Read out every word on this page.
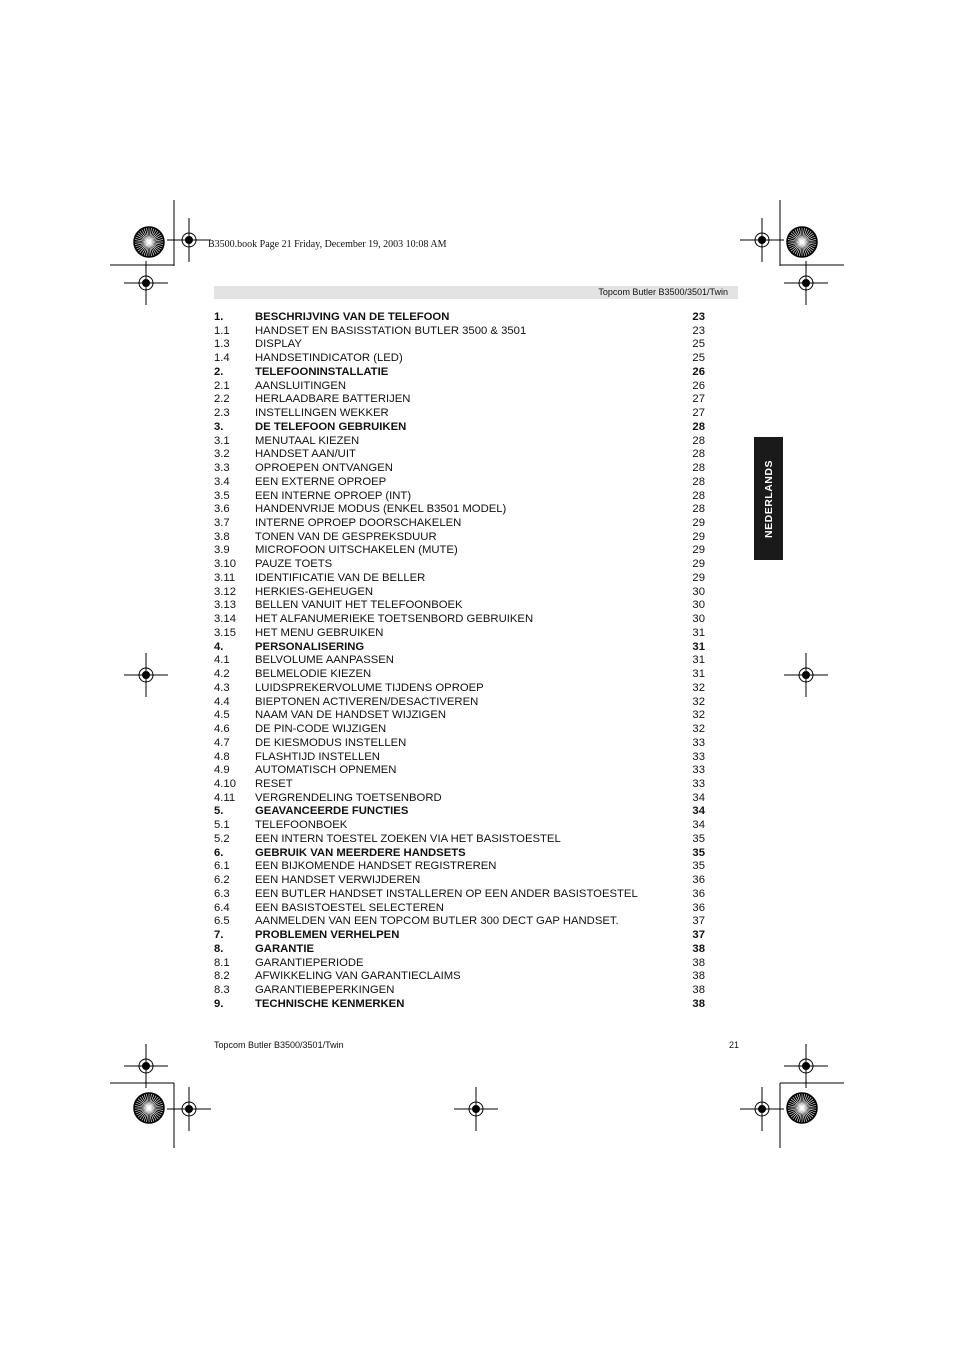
B3500.book Page 21 Friday, December 19, 2003 10:08 AM
Topcom Butler B3500/3501/Twin
1.	BESCHRIJVING VAN DE TELEFOON	23
1.1 HANDSET EN BASISSTATION BUTLER 3500 & 3501	23
1.3 DISPLAY	25
1.4 HANDSETINDICATOR (LED)	25
2.	TELEFOONINSTALLATIE	26
2.1 AANSLUITINGEN	26
2.2 HERLAADBARE BATTERIJEN	27
2.3 INSTELLINGEN WEKKER	27
3.	DE TELEFOON GEBRUIKEN	28
3.1 MENUTAAL KIEZEN	28
3.2 HANDSET AAN/UIT	28
3.3 OPROEPEN ONTVANGEN	28
3.4 EEN EXTERNE OPROEP	28
3.5 EEN INTERNE OPROEP (INT)	28
3.6 HANDENVRIJE MODUS (ENKEL B3501 MODEL)	28
3.7 INTERNE OPROEP DOORSCHAKELEN	29
3.8 TONEN VAN DE GESPREKSDUUR	29
3.9 MICROFOON UITSCHAKELEN (MUTE)	29
3.10 PAUZE TOETS	29
3.11 IDENTIFICATIE VAN DE BELLER	29
3.12 HERKIES-GEHEUGEN	30
3.13 BELLEN VANUIT HET TELEFOONBOEK	30
3.14 HET ALFANUMERIEKE TOETSENBORD GEBRUIKEN	30
3.15 HET MENU GEBRUIKEN	31
4.	PERSONALISERING	31
4.1 BELVOLUME AANPASSEN	31
4.2 BELMELODIE KIEZEN	31
4.3 LUIDSPREKERVOLUME TIJDENS OPROEP	32
4.4 BIEPTONEN ACTIVEREN/DESACTIVEREN	32
4.5 NAAM VAN DE HANDSET WIJZIGEN	32
4.6 DE PIN-CODE WIJZIGEN	32
4.7 DE KIESMODUS INSTELLEN	33
4.8 FLASHTIJD INSTELLEN	33
4.9 AUTOMATISCH OPNEMEN	33
4.10 RESET	33
4.11 VERGRENDELING TOETSENBORD	34
5.	GEAVANCEERDE FUNCTIES	34
5.1 TELEFOONBOEK	34
5.2 EEN INTERN TOESTEL ZOEKEN VIA HET BASISTOESTEL	35
6.	GEBRUIK VAN MEERDERE HANDSETS	35
6.1 EEN BIJKOMENDE HANDSET REGISTREREN	35
6.2 EEN HANDSET VERWIJDEREN	36
6.3 EEN BUTLER HANDSET INSTALLEREN OP EEN ANDER BASISTOESTEL	36
6.4 EEN BASISTOESTEL SELECTEREN	36
6.5 AANMELDEN VAN EEN TOPCOM BUTLER 300 DECT GAP HANDSET.	37
7.	PROBLEMEN VERHELPEN	37
8.	GARANTIE	38
8.1 GARANTIEPERIODE	38
8.2 AFWIKKELING VAN GARANTIECLAIMS	38
8.3 GARANTIEBEPERKINGEN	38
9.	TECHNISCHE KENMERKEN	38
NEDERLANDS
Topcom Butler B3500/3501/Twin	21
